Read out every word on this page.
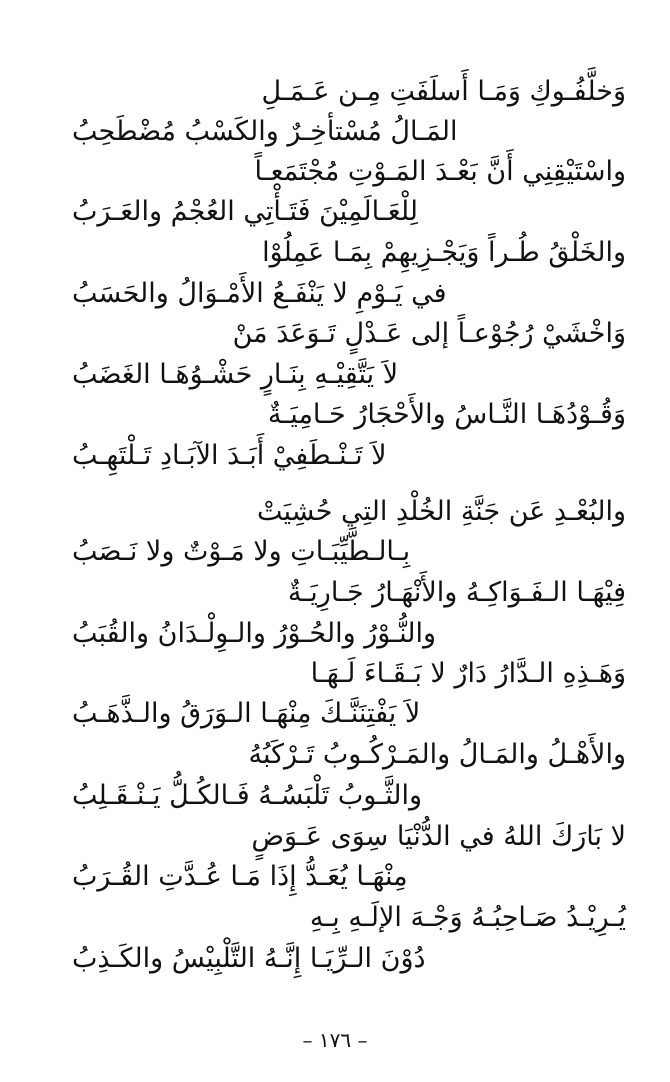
وَخلَّفُـوكِ وَمَـا أَسلَفَتِ مِـن عَـمَـلِ
المَـالُ مُسْتأخِـرٌ والكَسْبُ مُضْطَحِبُ
واسْتَيْقِنِي أَنَّ بَعْـدَ المَـوْتِ مُجْتَمَعـاً
لِلْعَـالَمِيْنَ فَتَـأْتِي العُجْمُ والعَـرَبُ
والخَلْقُ طُـراً وَيَجْـزِيهِمْ بِمَـا عَمِلُوْا
في يَـوْمِ لا يَنْفَـعُ الأَمْـوَالُ والحَسَبُ
وَاخْشَيْ رُجُوْعـاً إلى عَـدْلٍ تَـوَعَدَ مَنْ
لاَ يَتَّقِيْـهِ بِنَـارٍ حَشْـوُهَـا الغَضَبُ
وَقُـوْدُهَـا النَّـاسُ والأَحْجَارُ حَـامِيَـةٌ
لاَ تَـنْـطَفِيْ أَبَـدَ الآبَـادِ تَـلْتَهِـبُ
والبُعْـدِ عَن جَنَّةِ الخُلْدِ التِي حُشِيَتْ
بِـالـطَّيِّبَـاتِ ولا مَـوْتٌ ولا نَـصَبُ
فِيْهَـا الـفَـوَاكِـهُ والأَنْهَـارُ جَـارِيَـةٌ
والنُّـوْرُ والحُـوْرُ والـوِلْـدَانُ والقُبَبُ
وَهَـذِهِ الـدَّارُ دَارٌ لا بَـقَـاءَ لَـهَـا
لاَ يَفْتِنَنَّـكَ مِنْهَـا الـوَرَقُ والـذَّهَـبُ
والأَهْـلُ والمَـالُ والمَـرْكُـوبُ تَـرْكَبُهُ
والثَّـوبُ تَلْبَسُـهُ فَـالكُـلُّ يَـنْـقَـلِبُ
لا بَارَكَ اللهُ في الدُّنْيَا سِوَى عَـوَضٍ
مِنْهَـا يُعَـدُّ إِذَا مَـا عُـدَّتِ القُـرَبُ
يُـرِيْـدُ صَـاحِبُـهُ وَجْـهَ الإلَـهِ بِـهِ
دُوْنَ الـرِّيَـا إِنَّـهُ التَّلْبِيْسُ والكَـذِبُ
– ١٧٦ –
